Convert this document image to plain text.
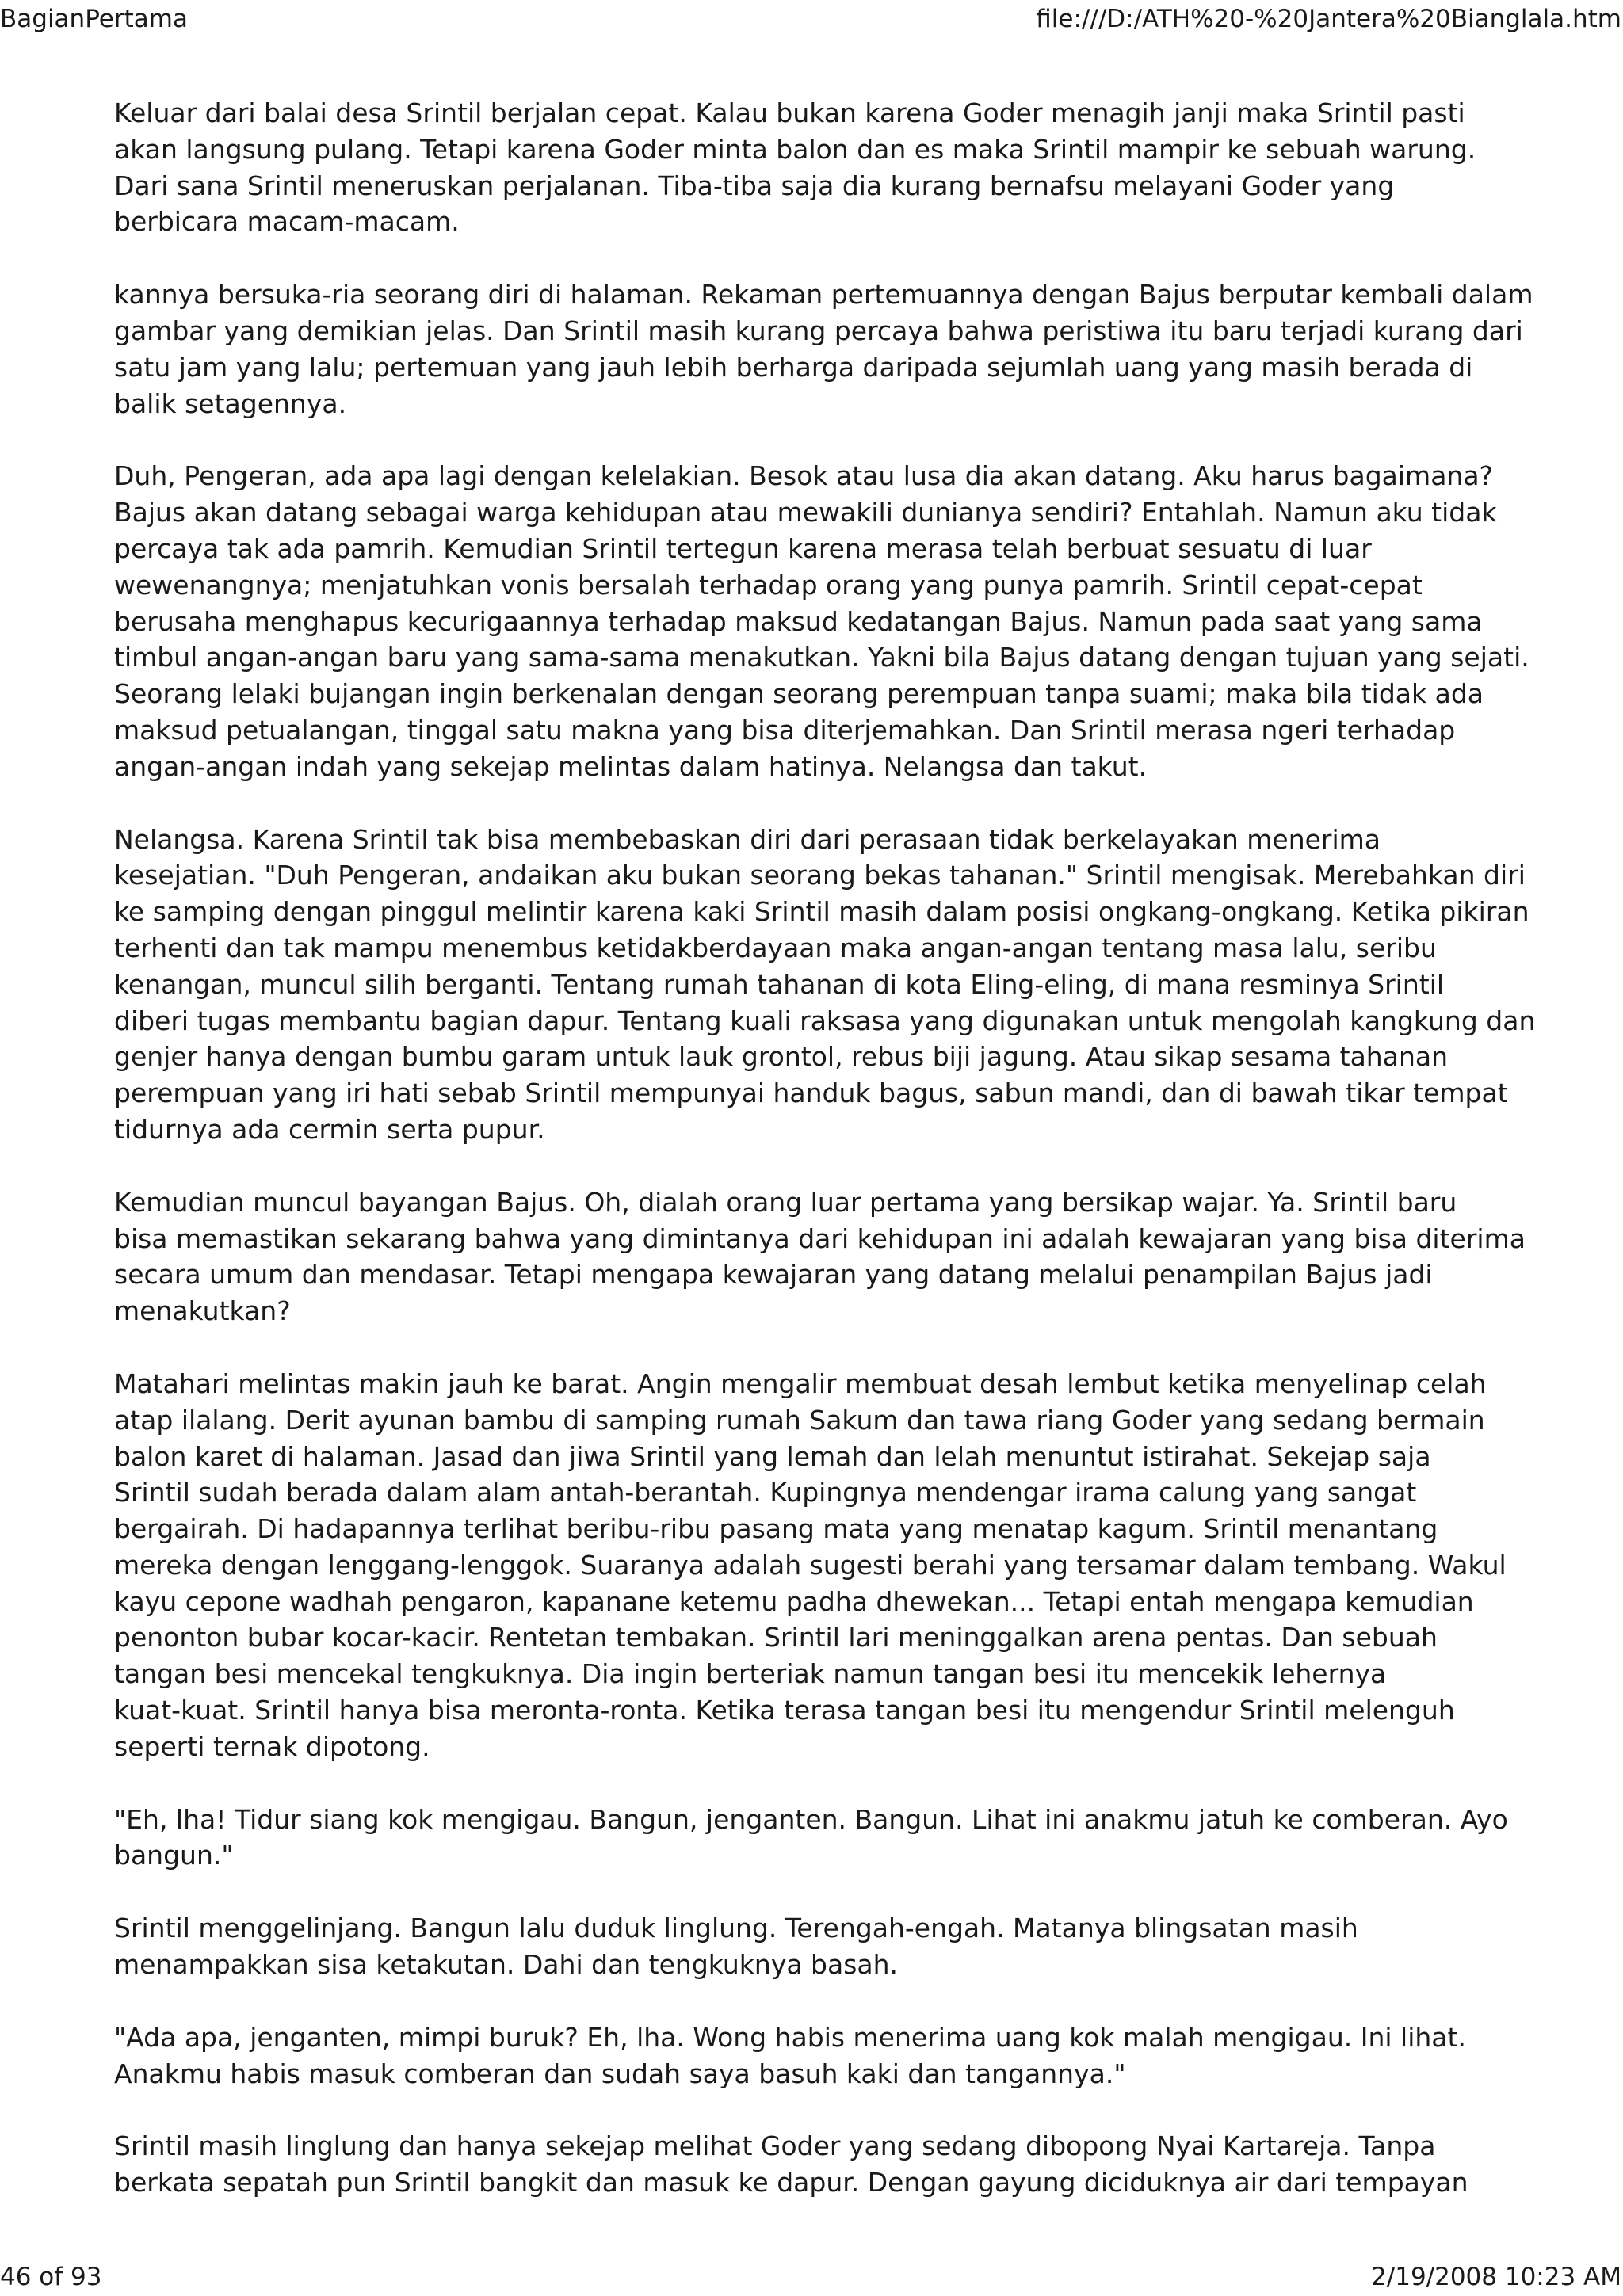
BagianPertama	file:///D:/ATH%20-%20Jantera%20Bianglala.htm
Keluar dari balai desa Srintil berjalan cepat. Kalau bukan karena Goder menagih janji maka Srintil pasti
akan langsung pulang. Tetapi karena Goder minta balon dan es maka Srintil mampir ke sebuah warung.
Dari sana Srintil meneruskan perjalanan. Tiba-tiba saja dia kurang bernafsu melayani Goder yang
berbicara macam-macam.
kannya bersuka-ria seorang diri di halaman. Rekaman pertemuannya dengan Bajus berputar kembali dalam
gambar yang demikian jelas. Dan Srintil masih kurang percaya bahwa peristiwa itu baru terjadi kurang dari
satu jam yang lalu; pertemuan yang jauh lebih berharga daripada sejumlah uang yang masih berada di
balik setagennya.
Duh, Pengeran, ada apa lagi dengan kelelakian. Besok atau lusa dia akan datang. Aku harus bagaimana?
Bajus akan datang sebagai warga kehidupan atau mewakili dunianya sendiri? Entahlah. Namun aku tidak
percaya tak ada pamrih. Kemudian Srintil tertegun karena merasa telah berbuat sesuatu di luar
wewenangnya; menjatuhkan vonis bersalah terhadap orang yang punya pamrih. Srintil cepat-cepat
berusaha menghapus kecurigaannya terhadap maksud kedatangan Bajus. Namun pada saat yang sama
timbul angan-angan baru yang sama-sama menakutkan. Yakni bila Bajus datang dengan tujuan yang sejati.
Seorang lelaki bujangan ingin berkenalan dengan seorang perempuan tanpa suami; maka bila tidak ada
maksud petualangan, tinggal satu makna yang bisa diterjemahkan. Dan Srintil merasa ngeri terhadap
angan-angan indah yang sekejap melintas dalam hatinya. Nelangsa dan takut.
Nelangsa. Karena Srintil tak bisa membebaskan diri dari perasaan tidak berkelayakan menerima
kesejatian. "Duh Pengeran, andaikan aku bukan seorang bekas tahanan." Srintil mengisak. Merebahkan diri
ke samping dengan pinggul melintir karena kaki Srintil masih dalam posisi ongkang-ongkang. Ketika pikiran
terhenti dan tak mampu menembus ketidakberdayaan maka angan-angan tentang masa lalu, seribu
kenangan, muncul silih berganti. Tentang rumah tahanan di kota Eling-eling, di mana resminya Srintil
diberi tugas membantu bagian dapur. Tentang kuali raksasa yang digunakan untuk mengolah kangkung dan
genjer hanya dengan bumbu garam untuk lauk grontol, rebus biji jagung. Atau sikap sesama tahanan
perempuan yang iri hati sebab Srintil mempunyai handuk bagus, sabun mandi, dan di bawah tikar tempat
tidurnya ada cermin serta pupur.
Kemudian muncul bayangan Bajus. Oh, dialah orang luar pertama yang bersikap wajar. Ya. Srintil baru
bisa memastikan sekarang bahwa yang dimintanya dari kehidupan ini adalah kewajaran yang bisa diterima
secara umum dan mendasar. Tetapi mengapa kewajaran yang datang melalui penampilan Bajus jadi
menakutkan?
Matahari melintas makin jauh ke barat. Angin mengalir membuat desah lembut ketika menyelinap celah
atap ilalang. Derit ayunan bambu di samping rumah Sakum dan tawa riang Goder yang sedang bermain
balon karet di halaman. Jasad dan jiwa Srintil yang lemah dan lelah menuntut istirahat. Sekejap saja
Srintil sudah berada dalam alam antah-berantah. Kupingnya mendengar irama calung yang sangat
bergairah. Di hadapannya terlihat beribu-ribu pasang mata yang menatap kagum. Srintil menantang
mereka dengan lenggang-lenggok. Suaranya adalah sugesti berahi yang tersamar dalam tembang. Wakul
kayu cepone wadhah pengaron, kapanane ketemu padha dhewekan... Tetapi entah mengapa kemudian
penonton bubar kocar-kacir. Rentetan tembakan. Srintil lari meninggalkan arena pentas. Dan sebuah
tangan besi mencekal tengkuknya. Dia ingin berteriak namun tangan besi itu mencekik lehernya
kuat-kuat. Srintil hanya bisa meronta-ronta. Ketika terasa tangan besi itu mengendur Srintil melenguh
seperti ternak dipotong.
"Eh, lha! Tidur siang kok mengigau. Bangun, jenganten. Bangun. Lihat ini anakmu jatuh ke comberan. Ayo
bangun."
Srintil menggelinjang. Bangun lalu duduk linglung. Terengah-engah. Matanya blingsatan masih
menampakkan sisa ketakutan. Dahi dan tengkuknya basah.
"Ada apa, jenganten, mimpi buruk? Eh, lha. Wong habis menerima uang kok malah mengigau. Ini lihat.
Anakmu habis masuk comberan dan sudah saya basuh kaki dan tangannya."
Srintil masih linglung dan hanya sekejap melihat Goder yang sedang dibopong Nyai Kartareja. Tanpa
berkata sepatah pun Srintil bangkit dan masuk ke dapur. Dengan gayung diciduknya air dari tempayan
46 of 93	2/19/2008 10:23 AM
